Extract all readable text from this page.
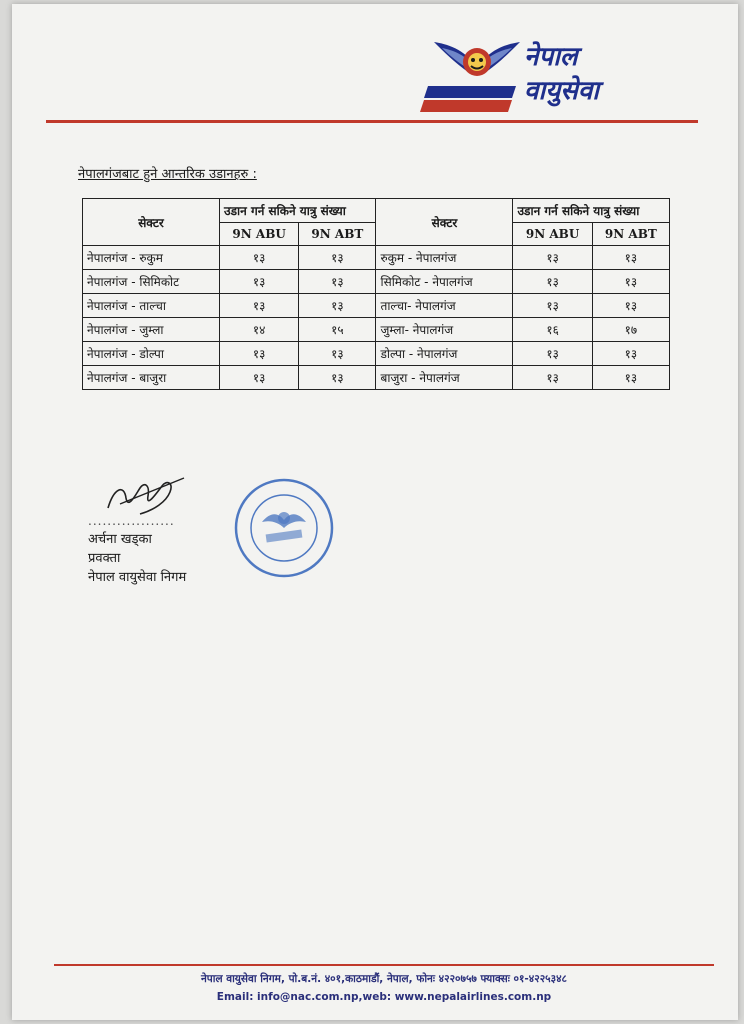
नेपाल
वायुसेवा
नेपालगंजबाट हुने आन्तरिक उडानहरु :
सेक्टर	उडान गर्न सकिने यात्रु संख्या		सेक्टर	उडान गर्न सकिने यात्रु संख्या	
	9N ABU	9N ABT		9N ABU	9N ABT
नेपालगंज - रुकुम	१३	१३	रुकुम - नेपालगंज	१३	१३
नेपालगंज - सिमिकोट	१३	१३	सिमिकोट - नेपालगंज	१३	१३
नेपालगंज - ताल्चा	१३	१३	ताल्चा- नेपालगंज	१३	१३
नेपालगंज - जुम्ला	१४	१५	जुम्ला- नेपालगंज	१६	१७
नेपालगंज - डोल्पा	१३	१३	डोल्पा - नेपालगंज	१३	१३
नेपालगंज - बाजुरा	१३	१३	बाजुरा - नेपालगंज	१३	१३
..................
अर्चना खड्का
प्रवक्ता
नेपाल वायुसेवा निगम
नेपाल वायुसेवा निगम, पो.ब.नं. ४०१,काठमाडौं, नेपाल, फोनः ४२२०७५७ फ्याक्सः ०१-४२२५३४८
Email: info@nac.com.np,web: www.nepalairlines.com.np
